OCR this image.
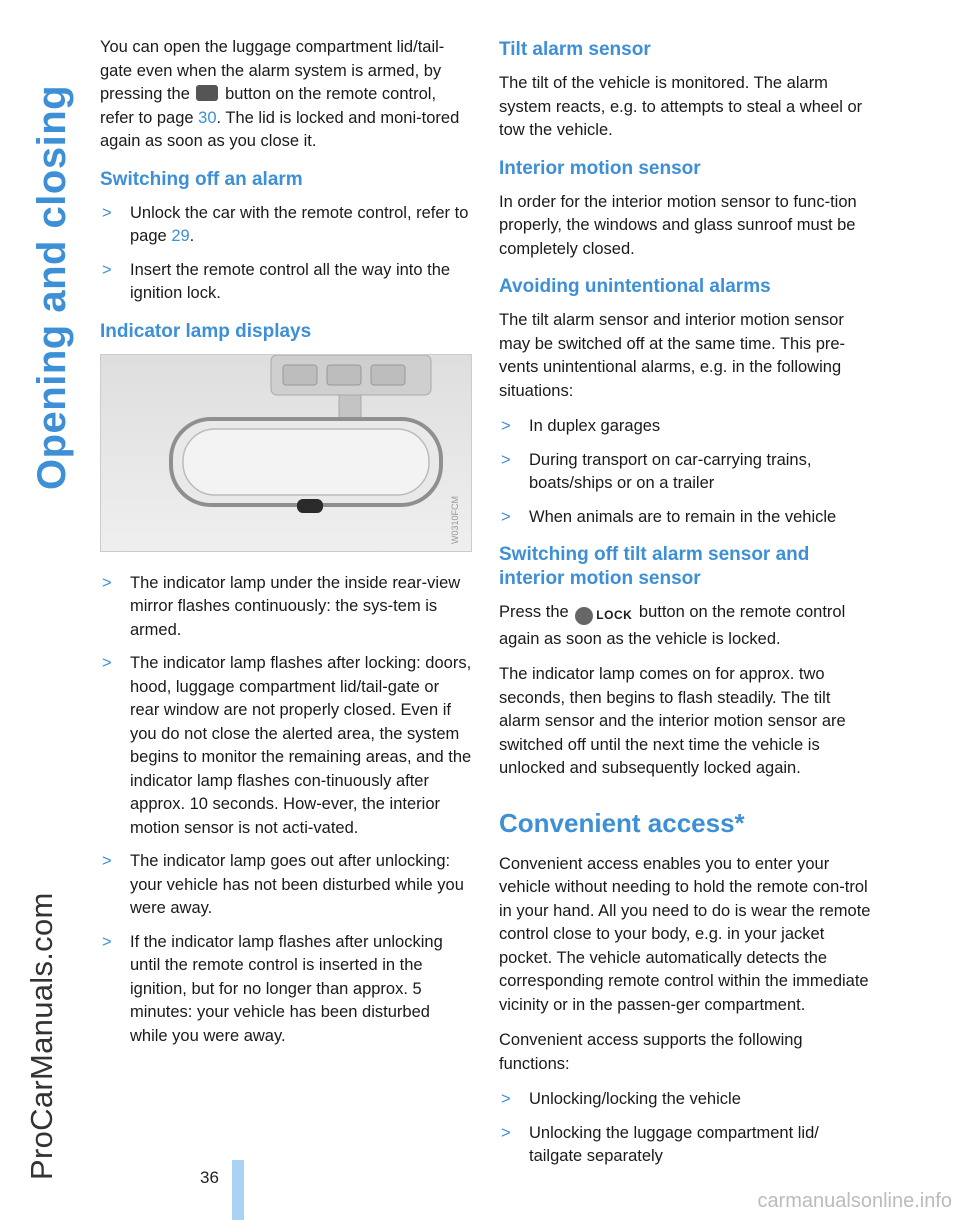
Opening and closing
ProCarManuals.com

You can open the luggage compartment lid/tail-gate even when the alarm system is armed, by pressing the button on the remote control, refer to page 30. The lid is locked and moni-tored again as soon as you close it.

Switching off an alarm
> Unlock the car with the remote control, refer to page 29.
> Insert the remote control all the way into the ignition lock.
Indicator lamp displays
W0310FCM
> The indicator lamp under the inside rear-view mirror flashes continuously: the sys-tem is armed.
> The indicator lamp flashes after locking: doors, hood, luggage compartment lid/tail-gate or rear window are not properly closed. Even if you do not close the alerted area, the system begins to monitor the remaining areas, and the indicator lamp flashes con-tinuously after approx. 10 seconds. How-ever, the interior motion sensor is not acti-vated.
> The indicator lamp goes out after unlocking: your vehicle has not been disturbed while you were away.
> If the indicator lamp flashes after unlocking until the remote control is inserted in the ignition, but for no longer than approx. 5 minutes: your vehicle has been disturbed while you were away.
Tilt alarm sensor

The tilt of the vehicle is monitored. The alarm system reacts, e.g. to attempts to steal a wheel or tow the vehicle.

Interior motion sensor

In order for the interior motion sensor to func-tion properly, the windows and glass sunroof must be completely closed.

Avoiding unintentional alarms

The tilt alarm sensor and interior motion sensor may be switched off at the same time. This pre-vents unintentional alarms, e.g. in the following situations:

> In duplex garages
> During transport on car-carrying trains, boats/ships or on a trailer
> When animals are to remain in the vehicle
Switching off tilt alarm sensor and interior motion sensor

Press the LOCK button on the remote control again as soon as the vehicle is locked.

The indicator lamp comes on for approx. two seconds, then begins to flash steadily. The tilt alarm sensor and the interior motion sensor are switched off until the next time the vehicle is unlocked and subsequently locked again.

Convenient access*

Convenient access enables you to enter your vehicle without needing to hold the remote con-trol in your hand. All you need to do is wear the remote control close to your body, e.g. in your jacket pocket. The vehicle automatically detects the corresponding remote control within the immediate vicinity or in the passen-ger compartment.

Convenient access supports the following functions:

> Unlocking/locking the vehicle
> Unlocking the luggage compartment lid/ tailgate separately
36
carmanualsonline.info
